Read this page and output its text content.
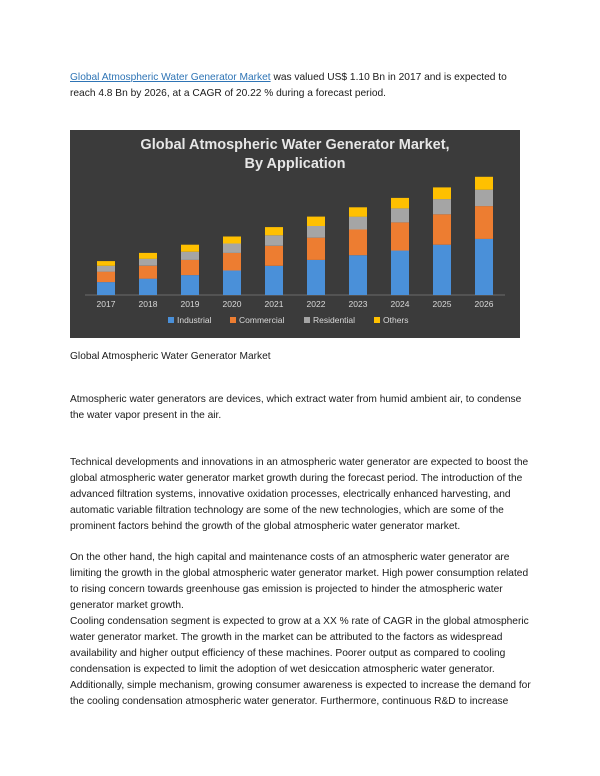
Global Atmospheric Water Generator Market was valued US$ 1.10 Bn in 2017 and is expected to reach 4.8 Bn by 2026, at a CAGR of 20.22 % during a forecast period.

Global Atmospheric Water Generator Market,
By Application
2017	2018	2019	2020	2021	2022	2023	2024	2025	2026
Industrial	Commercial	Residential	Others

Global Atmospheric Water Generator Market

Atmospheric water generators are devices, which extract water from humid ambient air, to condense the water vapor present in the air.

Technical developments and innovations in an atmospheric water generator are expected to boost the global atmospheric water generator market growth during the forecast period. The introduction of the advanced filtration systems, innovative oxidation processes, electrically enhanced harvesting, and automatic variable filtration technology are some of the new technologies, which are some of the prominent factors behind the growth of the global atmospheric water generator market.

On the other hand, the high capital and maintenance costs of an atmospheric water generator are limiting the growth in the global atmospheric water generator market. High power consumption related to rising concern towards greenhouse gas emission is projected to hinder the atmospheric water generator market growth.

Cooling condensation segment is expected to grow at a XX % rate of CAGR in the global atmospheric water generator market. The growth in the market can be attributed to the factors as widespread availability and higher output efficiency of these machines. Poorer output as compared to cooling condensation is expected to limit the adoption of wet desiccation atmospheric water generator. Additionally, simple mechanism, growing consumer awareness is expected to increase the demand for the cooling condensation atmospheric water generator. Furthermore, continuous R&D to increase
